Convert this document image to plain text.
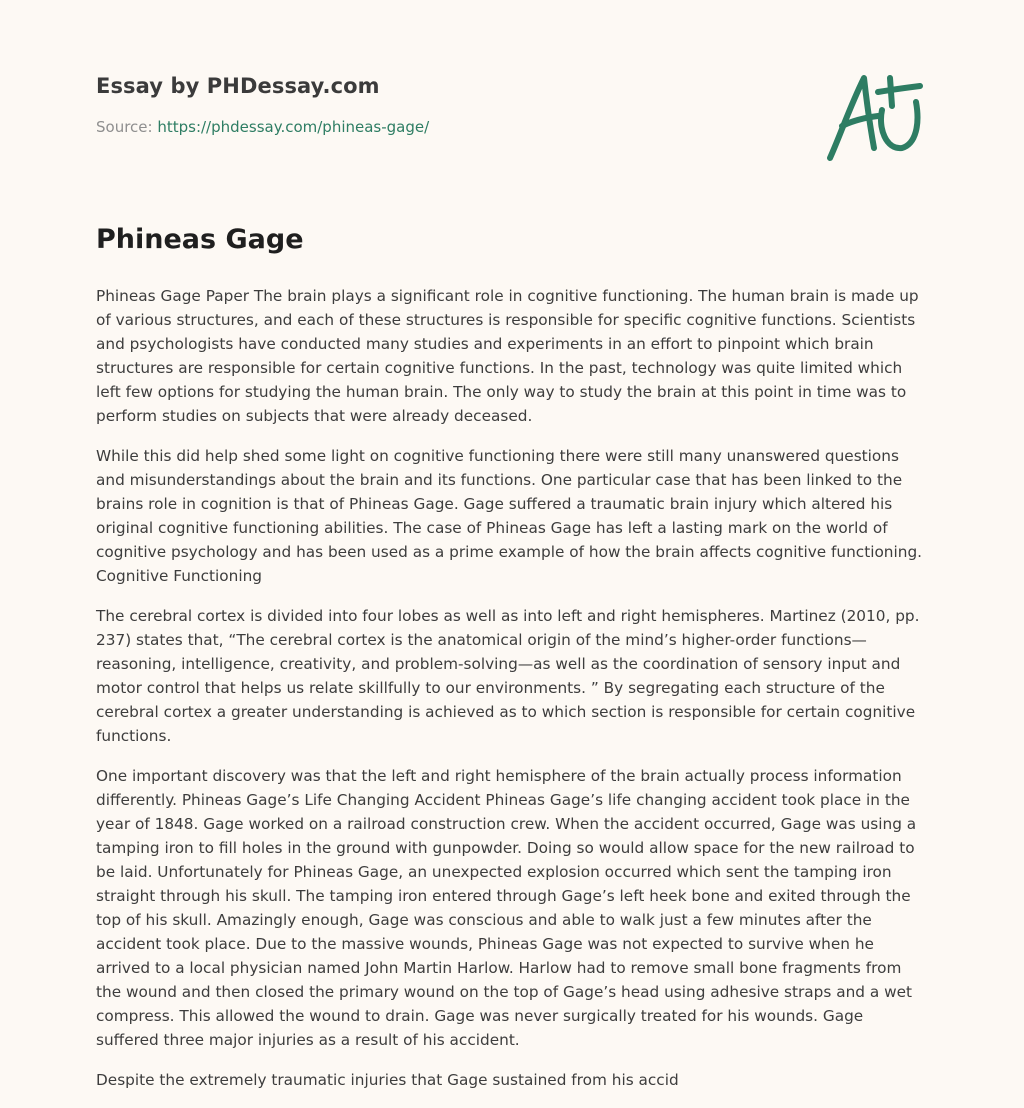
Essay by PHDessay.com
Source: https://phdessay.com/phineas-gage/
Phineas Gage

Phineas Gage Paper The brain plays a significant role in cognitive functioning. The human brain is made up of various structures, and each of these structures is responsible for specific cognitive functions. Scientists and psychologists have conducted many studies and experiments in an effort to pinpoint which brain structures are responsible for certain cognitive functions. In the past, technology was quite limited which left few options for studying the human brain. The only way to study the brain at this point in time was to perform studies on subjects that were already deceased.

While this did help shed some light on cognitive functioning there were still many unanswered questions and misunderstandings about the brain and its functions. One particular case that has been linked to the brains role in cognition is that of Phineas Gage. Gage suffered a traumatic brain injury which altered his original cognitive functioning abilities. The case of Phineas Gage has left a lasting mark on the world of cognitive psychology and has been used as a prime example of how the brain affects cognitive functioning. Cognitive Functioning

The cerebral cortex is divided into four lobes as well as into left and right hemispheres. Martinez (2010, pp. 237) states that, “The cerebral cortex is the anatomical origin of the mind’s higher-order functions—reasoning, intelligence, creativity, and problem-solving—as well as the coordination of sensory input and motor control that helps us relate skillfully to our environments. ” By segregating each structure of the cerebral cortex a greater understanding is achieved as to which section is responsible for certain cognitive functions.

One important discovery was that the left and right hemisphere of the brain actually process information differently. Phineas Gage’s Life Changing Accident Phineas Gage’s life changing accident took place in the year of 1848. Gage worked on a railroad construction crew. When the accident occurred, Gage was using a tamping iron to fill holes in the ground with gunpowder. Doing so would allow space for the new railroad to be laid. Unfortunately for Phineas Gage, an unexpected explosion occurred which sent the tamping iron straight through his skull. The tamping iron entered through Gage’s left heek bone and exited through the top of his skull. Amazingly enough, Gage was conscious and able to walk just a few minutes after the accident took place. Due to the massive wounds, Phineas Gage was not expected to survive when he arrived to a local physician named John Martin Harlow. Harlow had to remove small bone fragments from the wound and then closed the primary wound on the top of Gage’s head using adhesive straps and a wet compress. This allowed the wound to drain. Gage was never surgically treated for his wounds. Gage suffered three major injuries as a result of his accident.

Despite the extremely traumatic injuries that Gage sustained from his accid
